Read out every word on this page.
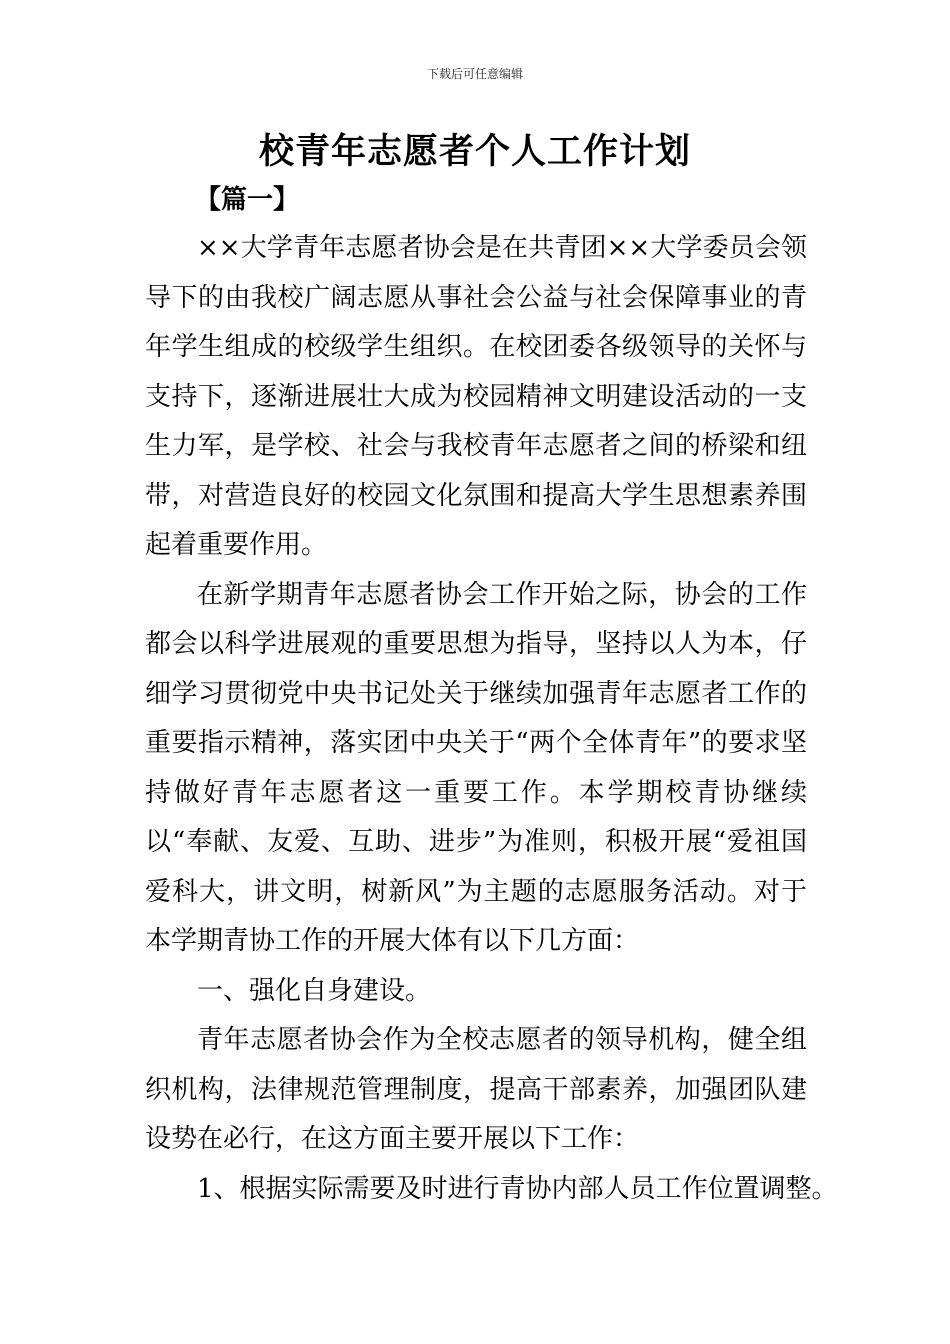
下载后可任意编辑
校青年志愿者个人工作计划
【篇一】

××大学青年志愿者协会是在共青团××大学委员会领导下的由我校广阔志愿从事社会公益与社会保障事业的青年学生组成的校级学生组织。在校团委各级领导的关怀与支持下，逐渐进展壮大成为校园精神文明建设活动的一支生力军，是学校、社会与我校青年志愿者之间的桥梁和纽带，对营造良好的校园文化氛围和提高大学生思想素养围起着重要作用。

在新学期青年志愿者协会工作开始之际，协会的工作都会以科学进展观的重要思想为指导，坚持以人为本，仔细学习贯彻党中央书记处关于继续加强青年志愿者工作的重要指示精神，落实团中央关于“两个全体青年”的要求坚持做好青年志愿者这一重要工作。本学期校青协继续以“奉献、友爱、互助、进步”为准则，积极开展“爱祖国爱科大，讲文明，树新风”为主题的志愿服务活动。对于本学期青协工作的开展大体有以下几方面：

一、强化自身建设。

青年志愿者协会作为全校志愿者的领导机构，健全组织机构，法律规范管理制度，提高干部素养，加强团队建设势在必行，在这方面主要开展以下工作：

1、根据实际需要及时进行青协内部人员工作位置调整。
